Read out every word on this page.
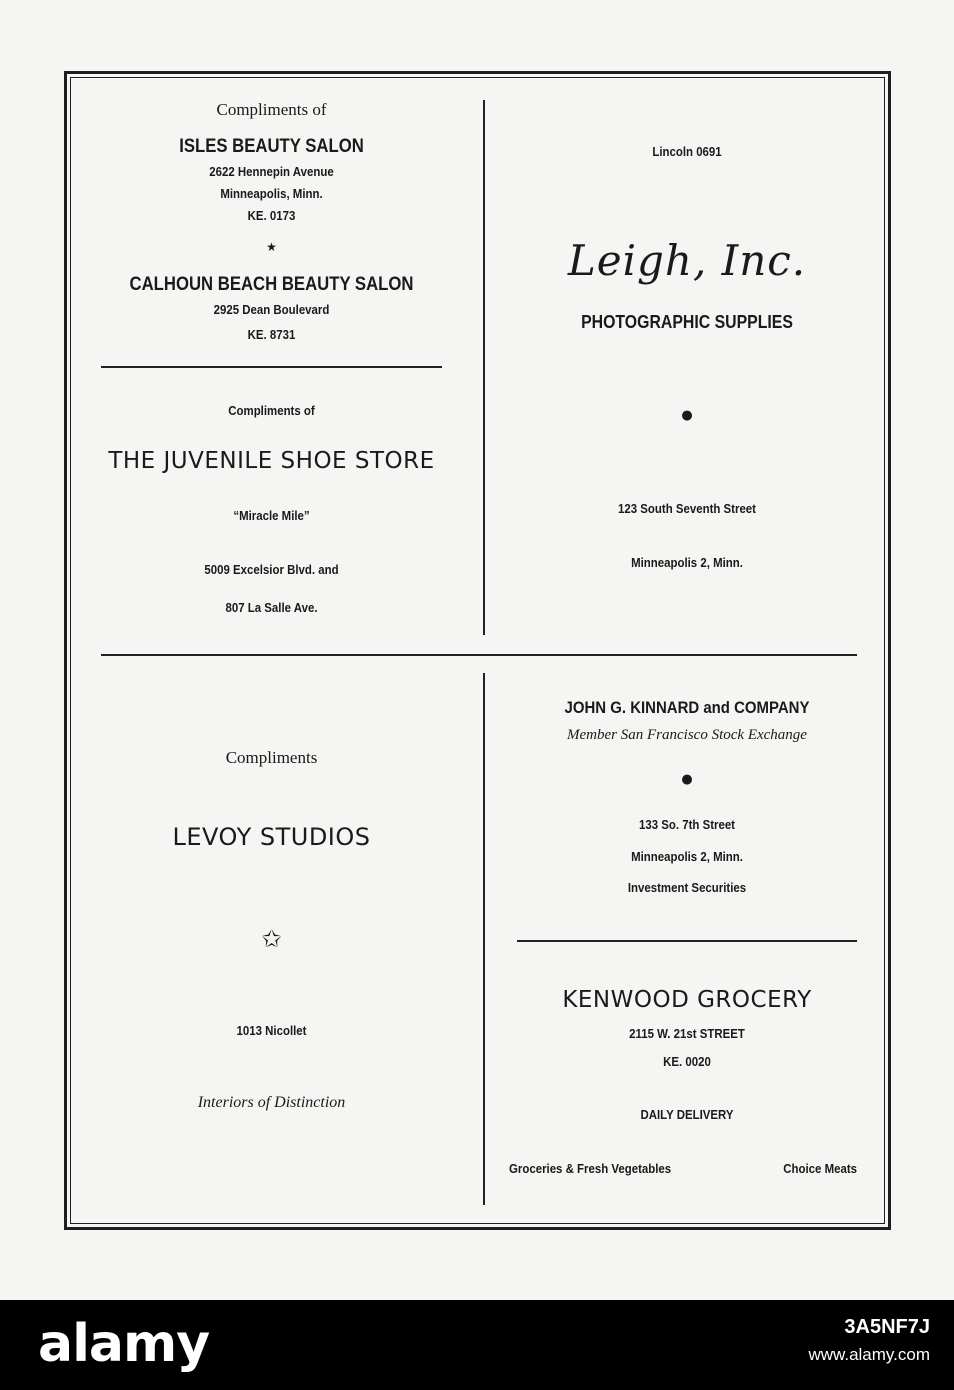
Compliments of
ISLES BEAUTY SALON
2622 Hennepin Avenue
Minneapolis, Minn.
KE. 0173
★
CALHOUN BEACH BEAUTY SALON
2925 Dean Boulevard
KE. 8731
Compliments of
THE JUVENILE SHOE STORE
“Miracle Mile”
5009 Excelsior Blvd. and
807 La Salle Ave.
Lincoln 0691
Leigh, Inc.
PHOTOGRAPHIC SUPPLIES
●
123 South Seventh Street
Minneapolis 2, Minn.
Compliments
LEVOY STUDIOS
✩
1013 Nicollet
Interiors of Distinction
JOHN G. KINNARD and COMPANY
Member San Francisco Stock Exchange
●
133 So. 7th Street
Minneapolis 2, Minn.
Investment Securities
KENWOOD GROCERY
2115 W. 21st STREET
KE. 0020
DAILY DELIVERY
Groceries & Fresh Vegetables	Choice Meats
alamy	3A5NF7J
www.alamy.com
